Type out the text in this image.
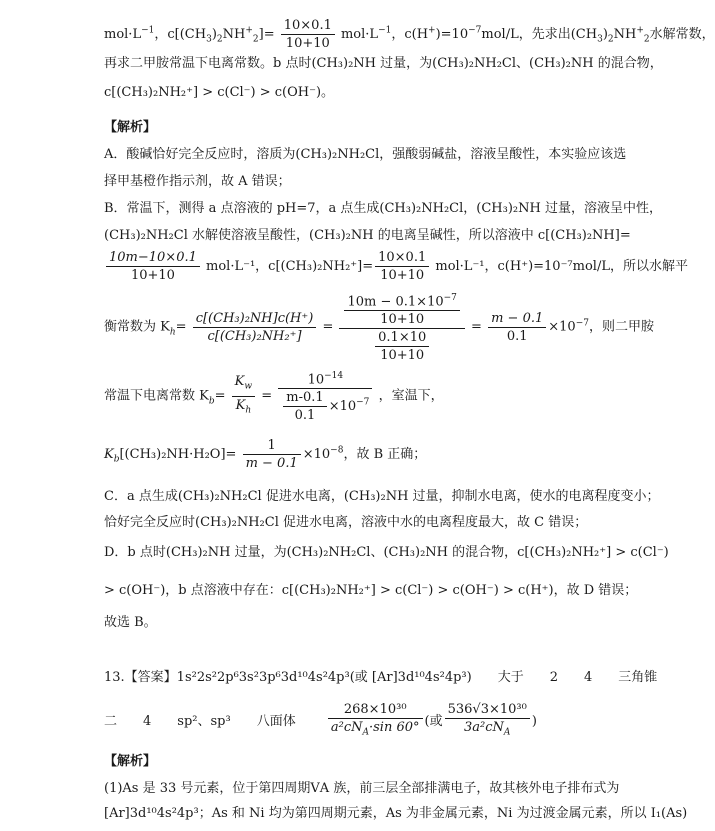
$mol\cdot L^{-1}$，$c[(CH_3)_2NH^+_2]= \frac{10\times 0.1}{10+10} mol\cdot L^{-1}$，$c(H^+)=10^{-7}mol/L$，先求出$(CH_3)_2NH^+_2$水解常数，
再求二甲胺常温下电离常数。b 点时(CH₃)₂NH 过量，为(CH₃)₂NH₂Cl、(CH₃)₂NH 的混合物，
c[(CH₃)₂NH₂⁺] > c(Cl⁻) > c(OH⁻)。
【解析】
A．酸碱恰好完全反应时，溶质为(CH₃)₂NH₂Cl，强酸弱碱盐，溶液呈酸性，本实验应该选
择甲基橙作指示剂，故 A 错误；
B．常温下，测得 a 点溶液的 pH=7，a 点生成(CH₃)₂NH₂Cl，(CH₃)₂NH 过量，溶液呈中性，
(CH₃)₂NH₂Cl 水解使溶液呈酸性，(CH₃)₂NH 的电离呈碱性，所以溶液中 c[(CH₃)₂NH]=
$\frac{10m-10\times 0.1}{10+10} mol\cdot L^{-1}$，$c[(CH_3)_2NH_2^+]= \frac{10\times 0.1}{10+10} mol\cdot L^{-1}$，c(H⁺)=10⁻⁷mol/L，所以水解平
衡常数为 $K_h= \frac{\text{c[(CH₃)₂NH]c(H⁺)}}{\text{c[(CH₃)₂NH₂⁺]}} = \frac{\frac{10m - 0.1\times 10^{-7}}{10+10}}{\frac{0.1\times 10}{10+10}} = \frac{m - 0.1}{0.1} \times 10^{-7}$，则二甲胺
常温下电离常数 $K_b= \frac{K_w}{K_h} = \frac{10^{-14}}{\frac{m-0.1}{0.1} \times 10^{-7}}$ ，室温下，
$K_b[(CH_3)_2NH\cdot H_2O]= \frac{1}{m - 0.1} \times 10^{-8}$，故 B 正确；
C．a 点生成(CH₃)₂NH₂Cl 促进水电离，(CH₃)₂NH 过量，抑制水电离，使水的电离程度变小；
恰好完全反应时(CH₃)₂NH₂Cl 促进水电离，溶液中水的电离程度最大，故 C 错误；
D．b 点时(CH₃)₂NH 过量，为(CH₃)₂NH₂Cl、(CH₃)₂NH 的混合物，c[(CH₃)₂NH₂⁺] > c(Cl⁻)
> c(OH⁻)，b 点溶液中存在：c[(CH₃)₂NH₂⁺] > c(Cl⁻) > c(OH⁻) > c(H⁺)，故 D 错误；
故选 B。
13.【答案】1s²2s²2p⁶3s²3p⁶3d¹⁰4s²4p³(或 [Ar]3d¹⁰4s²4p³) 大于 2 4 三角锥
二 4 sp²、sp³ 八面体 $\frac{\text{268×10³⁰}}{a^2cN_A\cdot\sin 60^\circ}$ (或 $\frac{\text{536√3×10³⁰}}{3a^2cN_A}$ )
【解析】
(1)As 是 33 号元素，位于第四周期ⅤA 族，前三层全部排满电子，故其核外电子排布式为
[Ar]3d¹⁰4s²4p³；As 和 Ni 均为第四周期元素，As 为非金属元素，Ni 为过渡金属元素，所以 I₁(As)
